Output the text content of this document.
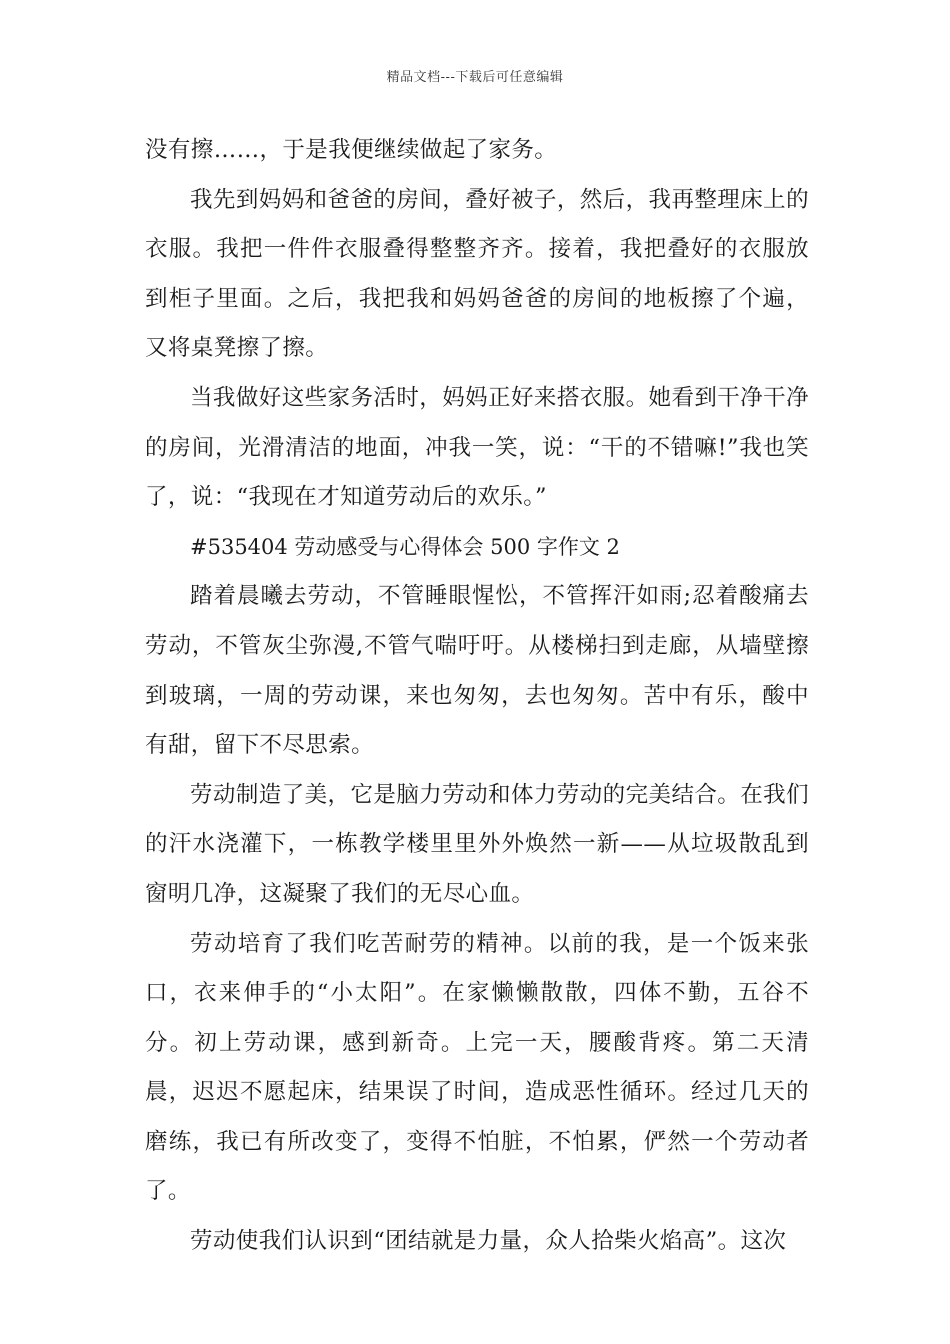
精品文档---下载后可任意编辑

没有擦……，于是我便继续做起了家务。

我先到妈妈和爸爸的房间，叠好被子，然后，我再整理床上的衣服。我把一件件衣服叠得整整齐齐。接着，我把叠好的衣服放到柜子里面。之后，我把我和妈妈爸爸的房间的地板擦了个遍，又将桌凳擦了擦。

当我做好这些家务活时，妈妈正好来搭衣服。她看到干净干净的房间，光滑清洁的地面，冲我一笑，说：“干的不错嘛!”我也笑了，说：“我现在才知道劳动后的欢乐。”

#535404 劳动感受与心得体会 500 字作文 2

踏着晨曦去劳动，不管睡眼惺忪，不管挥汗如雨;忍着酸痛去劳动，不管灰尘弥漫,不管气喘吁吁。从楼梯扫到走廊，从墙壁擦到玻璃，一周的劳动课，来也匆匆，去也匆匆。苦中有乐，酸中有甜，留下不尽思索。

劳动制造了美，它是脑力劳动和体力劳动的完美结合。在我们的汗水浇灌下，一栋教学楼里里外外焕然一新——从垃圾散乱到窗明几净，这凝聚了我们的无尽心血。

劳动培育了我们吃苦耐劳的精神。以前的我，是一个饭来张口，衣来伸手的“小太阳”。在家懒懒散散，四体不勤，五谷不分。初上劳动课，感到新奇。上完一天，腰酸背疼。第二天清晨，迟迟不愿起床，结果误了时间，造成恶性循环。经过几天的磨练，我已有所改变了，变得不怕脏，不怕累，俨然一个劳动者了。

劳动使我们认识到“团结就是力量，众人拾柴火焰高”。这次
